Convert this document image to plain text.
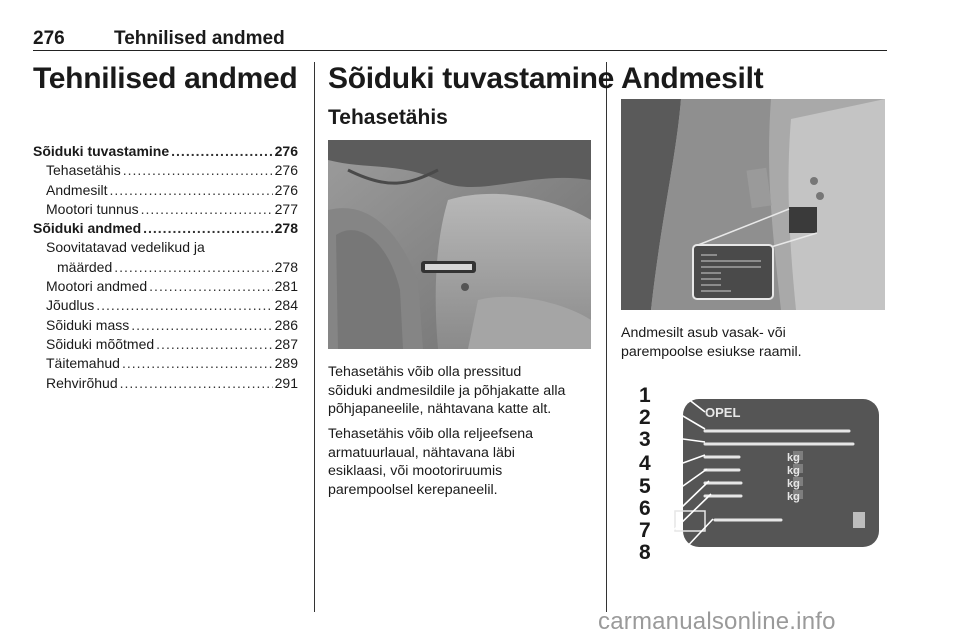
276	Tehnilised andmed
Tehnilised andmed
Sõiduki tuvastamine .....	276
Tehasetähis .....	276
Andmesilt .....	276
Mootori tunnus .....	277
Sõiduki andmed .....	278
Soovitatavad vedelikud ja
määrded .....	278
Mootori andmed .....	281
Jõudlus .....	284
Sõiduki mass .....	286
Sõiduki mõõtmed .....	287
Täitemahud .....	289
Rehvirõhud .....	291
Sõiduki tuvastamine
Tehasetähis
Tehasetähis võib olla pressitud
sõiduki andmesildile ja põhjakatte alla
põhjapaneelile, nähtavana katte alt.
Tehasetähis võib olla reljeefsena
armatuurlaual, nähtavana läbi
esiklaasi, või mootoriruumis
parempoolsel kerepaneelil.
Andmesilt
Andmesilt asub vasak- või
parempoolse esiukse raamil.
OPEL
kg
kg
kg
kg
1
2
3
4
5
6
7
8
carmanualsonline.info
